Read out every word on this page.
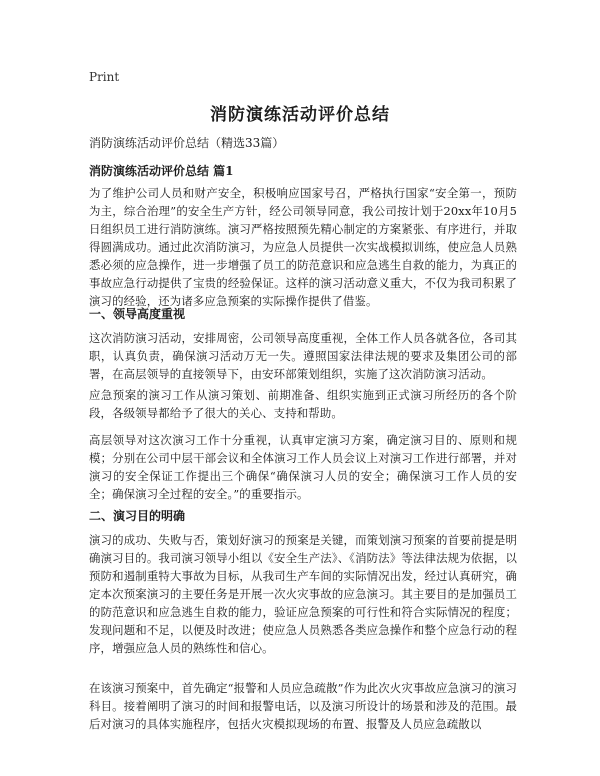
Print
消防演练活动评价总结
消防演练活动评价总结（精选33篇）
消防演练活动评价总结 篇1
为了维护公司人员和财产安全，积极响应国家号召，严格执行国家“安全第一，预防为主，综合治理”的安全生产方针，经公司领导同意，我公司按计划于20xx年10月5日组织员工进行消防演练。演习严格按照预先精心制定的方案紧张、有序进行，并取得圆满成功。通过此次消防演习，为应急人员提供一次实战模拟训练，使应急人员熟悉必须的应急操作，进一步增强了员工的防范意识和应急逃生自救的能力，为真正的事故应急行动提供了宝贵的经验保证。这样的演习活动意义重大，不仅为我司积累了演习的经验，还为诸多应急预案的实际操作提供了借鉴。
一、领导高度重视
这次消防演习活动，安排周密，公司领导高度重视，全体工作人员各就各位，各司其职，认真负责，确保演习活动万无一失。遵照国家法律法规的要求及集团公司的部署，在高层领导的直接领导下，由安环部策划组织，实施了这次消防演习活动。
应急预案的演习工作从演习策划、前期准备、组织实施到正式演习所经历的各个阶段，各级领导都给予了很大的关心、支持和帮助。
高层领导对这次演习工作十分重视，认真审定演习方案，确定演习目的、原则和规模；分别在公司中层干部会议和全体演习工作人员会议上对演习工作进行部署，并对演习的安全保证工作提出三个确保“确保演习人员的安全；确保演习工作人员的安全；确保演习全过程的安全。”的重要指示。
二、演习目的明确
演习的成功、失败与否，策划好演习的预案是关键，而策划演习预案的首要前提是明确演习目的。我司演习领导小组以《安全生产法》、《消防法》等法律法规为依据，以预防和遏制重特大事故为目标，从我司生产车间的实际情况出发，经过认真研究，确定本次预案演习的主要任务是开展一次火灾事故的应急演习。其主要目的是加强员工的防范意识和应急逃生自救的能力，验证应急预案的可行性和符合实际情况的程度；发现问题和不足，以便及时改进；使应急人员熟悉各类应急操作和整个应急行动的程序，增强应急人员的熟练性和信心。
在该演习预案中，首先确定“报警和人员应急疏散”作为此次火灾事故应急演习的演习科目。接着阐明了演习的时间和报警电话，以及演习所设计的场景和涉及的范围。最后对演习的具体实施程序，包括火灾模拟现场的布置、报警及人员应急疏散以
